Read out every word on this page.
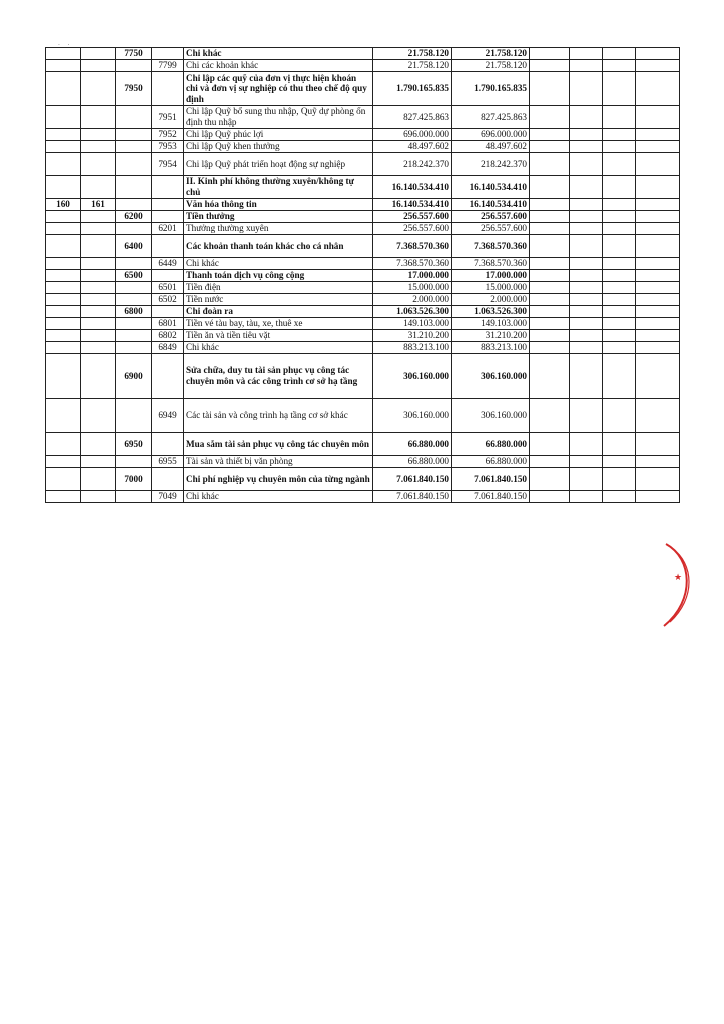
·    ·
		7750		Chi khác	21.758.120	21.758.120				
			7799	Chi các khoản khác	21.758.120	21.758.120				
		7950		Chi lập các quỹ của đơn vị thực hiện khoán chi và đơn vị sự nghiệp có thu theo chế độ quy định	1.790.165.835	1.790.165.835				
			7951	Chi lập Quỹ bổ sung thu nhập, Quỹ dự phòng ổn định thu nhập	827.425.863	827.425.863				
			7952	Chi lập Quỹ phúc lợi	696.000.000	696.000.000				
			7953	Chi lập Quỹ khen thưởng	48.497.602	48.497.602				
			7954	Chi lập Quỹ phát triển hoạt động sự nghiệp	218.242.370	218.242.370				
				II. Kinh phí không thường xuyên/không tự chủ	16.140.534.410	16.140.534.410				
160	161			Văn hóa thông tin	16.140.534.410	16.140.534.410				
		6200		Tiền thưởng	256.557.600	256.557.600				
			6201	Thưởng thường xuyên	256.557.600	256.557.600				
		6400		Các khoản thanh toán khác cho cá nhân	7.368.570.360	7.368.570.360				
			6449	Chi khác	7.368.570.360	7.368.570.360				
		6500		Thanh toán dịch vụ công cộng	17.000.000	17.000.000				
			6501	Tiền điện	15.000.000	15.000.000				
			6502	Tiền nước	2.000.000	2.000.000				
		6800		Chi đoàn ra	1.063.526.300	1.063.526.300				
			6801	Tiền vé tàu bay, tàu, xe, thuê xe	149.103.000	149.103.000				
			6802	Tiền ăn và tiền tiêu vặt	31.210.200	31.210.200				
			6849	Chi khác	883.213.100	883.213.100				
		6900		Sửa chữa, duy tu tài sản phục vụ công tác chuyên môn và các công trình cơ sở hạ tầng	306.160.000	306.160.000				
			6949	Các tài sản và công trình hạ tầng cơ sở khác	306.160.000	306.160.000				
		6950		Mua sắm tài sản phục vụ công tác chuyên môn	66.880.000	66.880.000				
			6955	Tài sản và thiết bị văn phòng	66.880.000	66.880.000				
		7000		Chi phí nghiệp vụ chuyên môn của từng ngành	7.061.840.150	7.061.840.150				
			7049	Chi khác	7.061.840.150	7.061.840.150				
★
